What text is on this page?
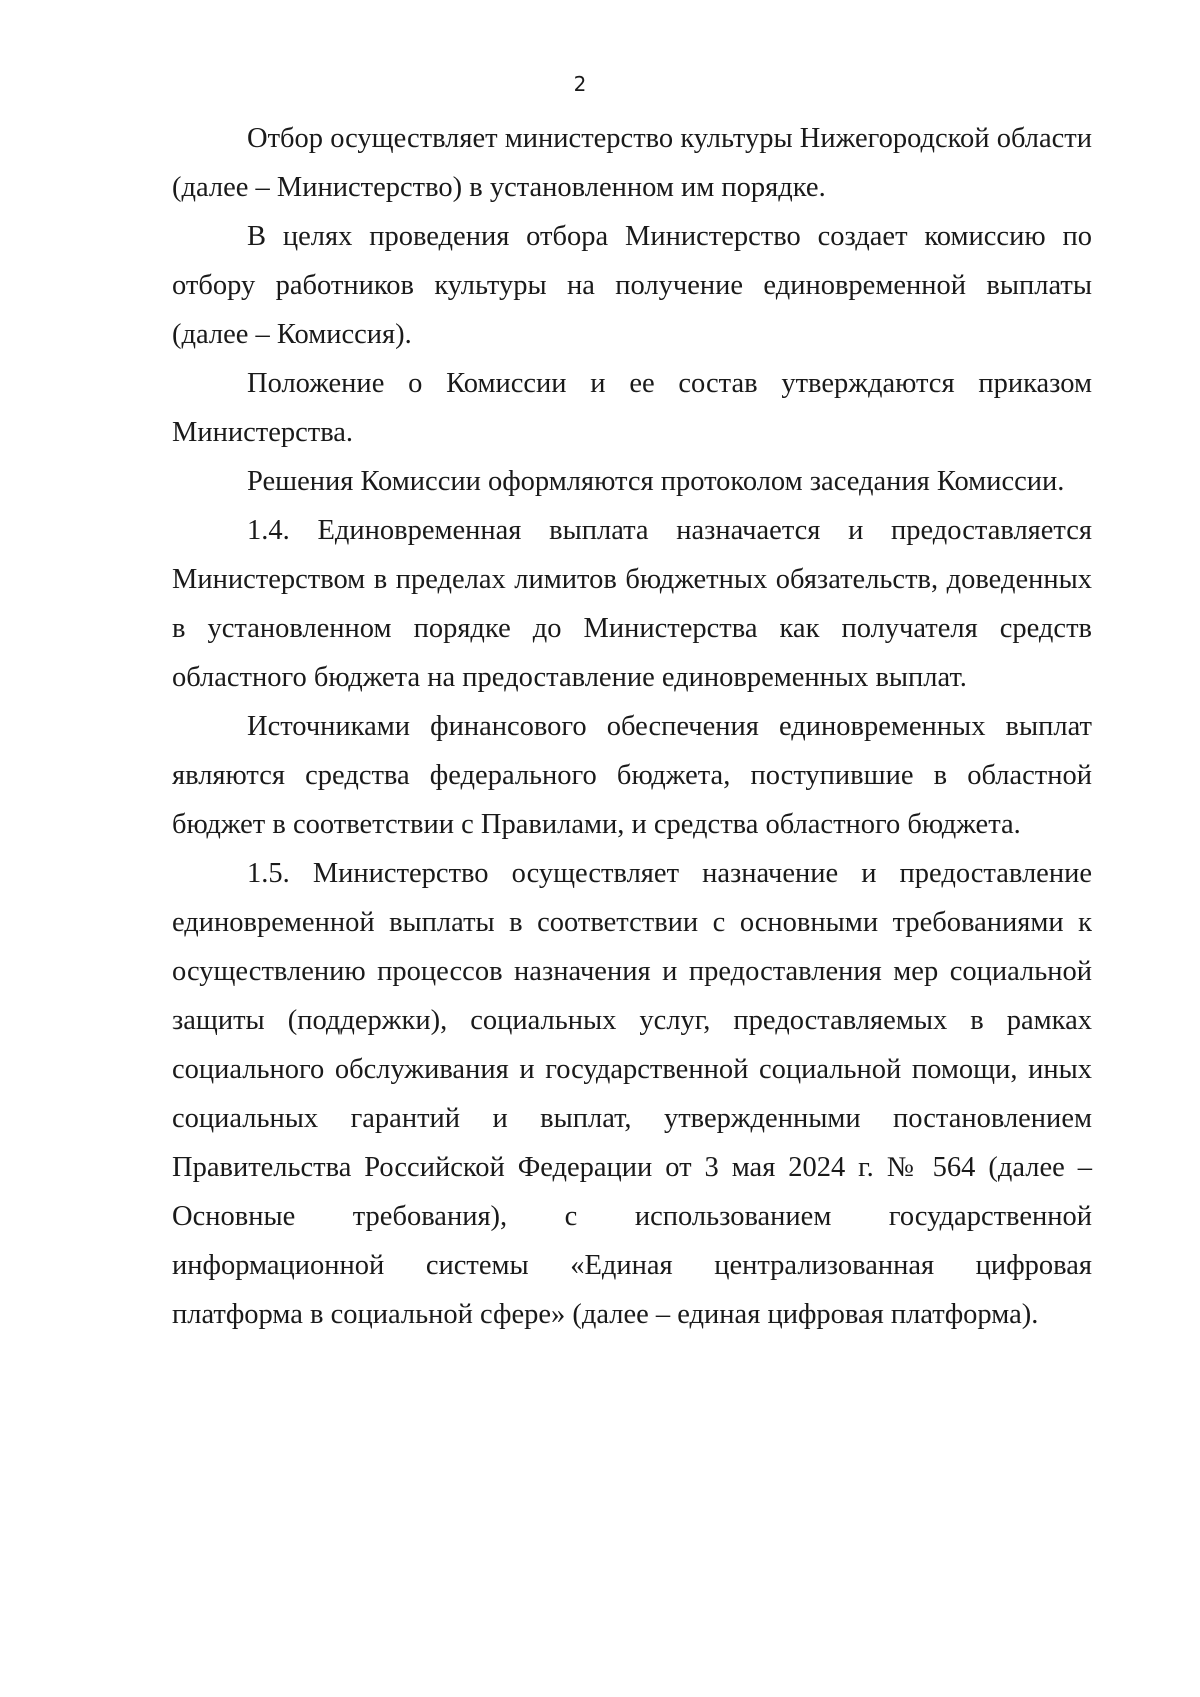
2

Отбор осуществляет министерство культуры Нижегородской области (далее – Министерство) в установленном им порядке.

В целях проведения отбора Министерство создает комиссию по отбору работников культуры на получение единовременной выплаты (далее – Комиссия).

Положение о Комиссии и ее состав утверждаются приказом Министерства.

Решения Комиссии оформляются протоколом заседания Комиссии.

1.4. Единовременная выплата назначается и предоставляется Министерством в пределах лимитов бюджетных обязательств, доведенных в установленном порядке до Министерства как получателя средств областного бюджета на предоставление единовременных выплат.

Источниками финансового обеспечения единовременных выплат являются средства федерального бюджета, поступившие в областной бюджет в соответствии с Правилами, и средства областного бюджета.

1.5. Министерство осуществляет назначение и предоставление единовременной выплаты в соответствии с основными требованиями к осуществлению процессов назначения и предоставления мер социальной защиты (поддержки), социальных услуг, предоставляемых в рамках социального обслуживания и государственной социальной помощи, иных социальных гарантий и выплат, утвержденными постановлением Правительства Российской Федерации от 3 мая 2024 г. № 564 (далее – Основные требования), с использованием государственной информационной системы «Единая централизованная цифровая платформа в социальной сфере» (далее – единая цифровая платформа).
